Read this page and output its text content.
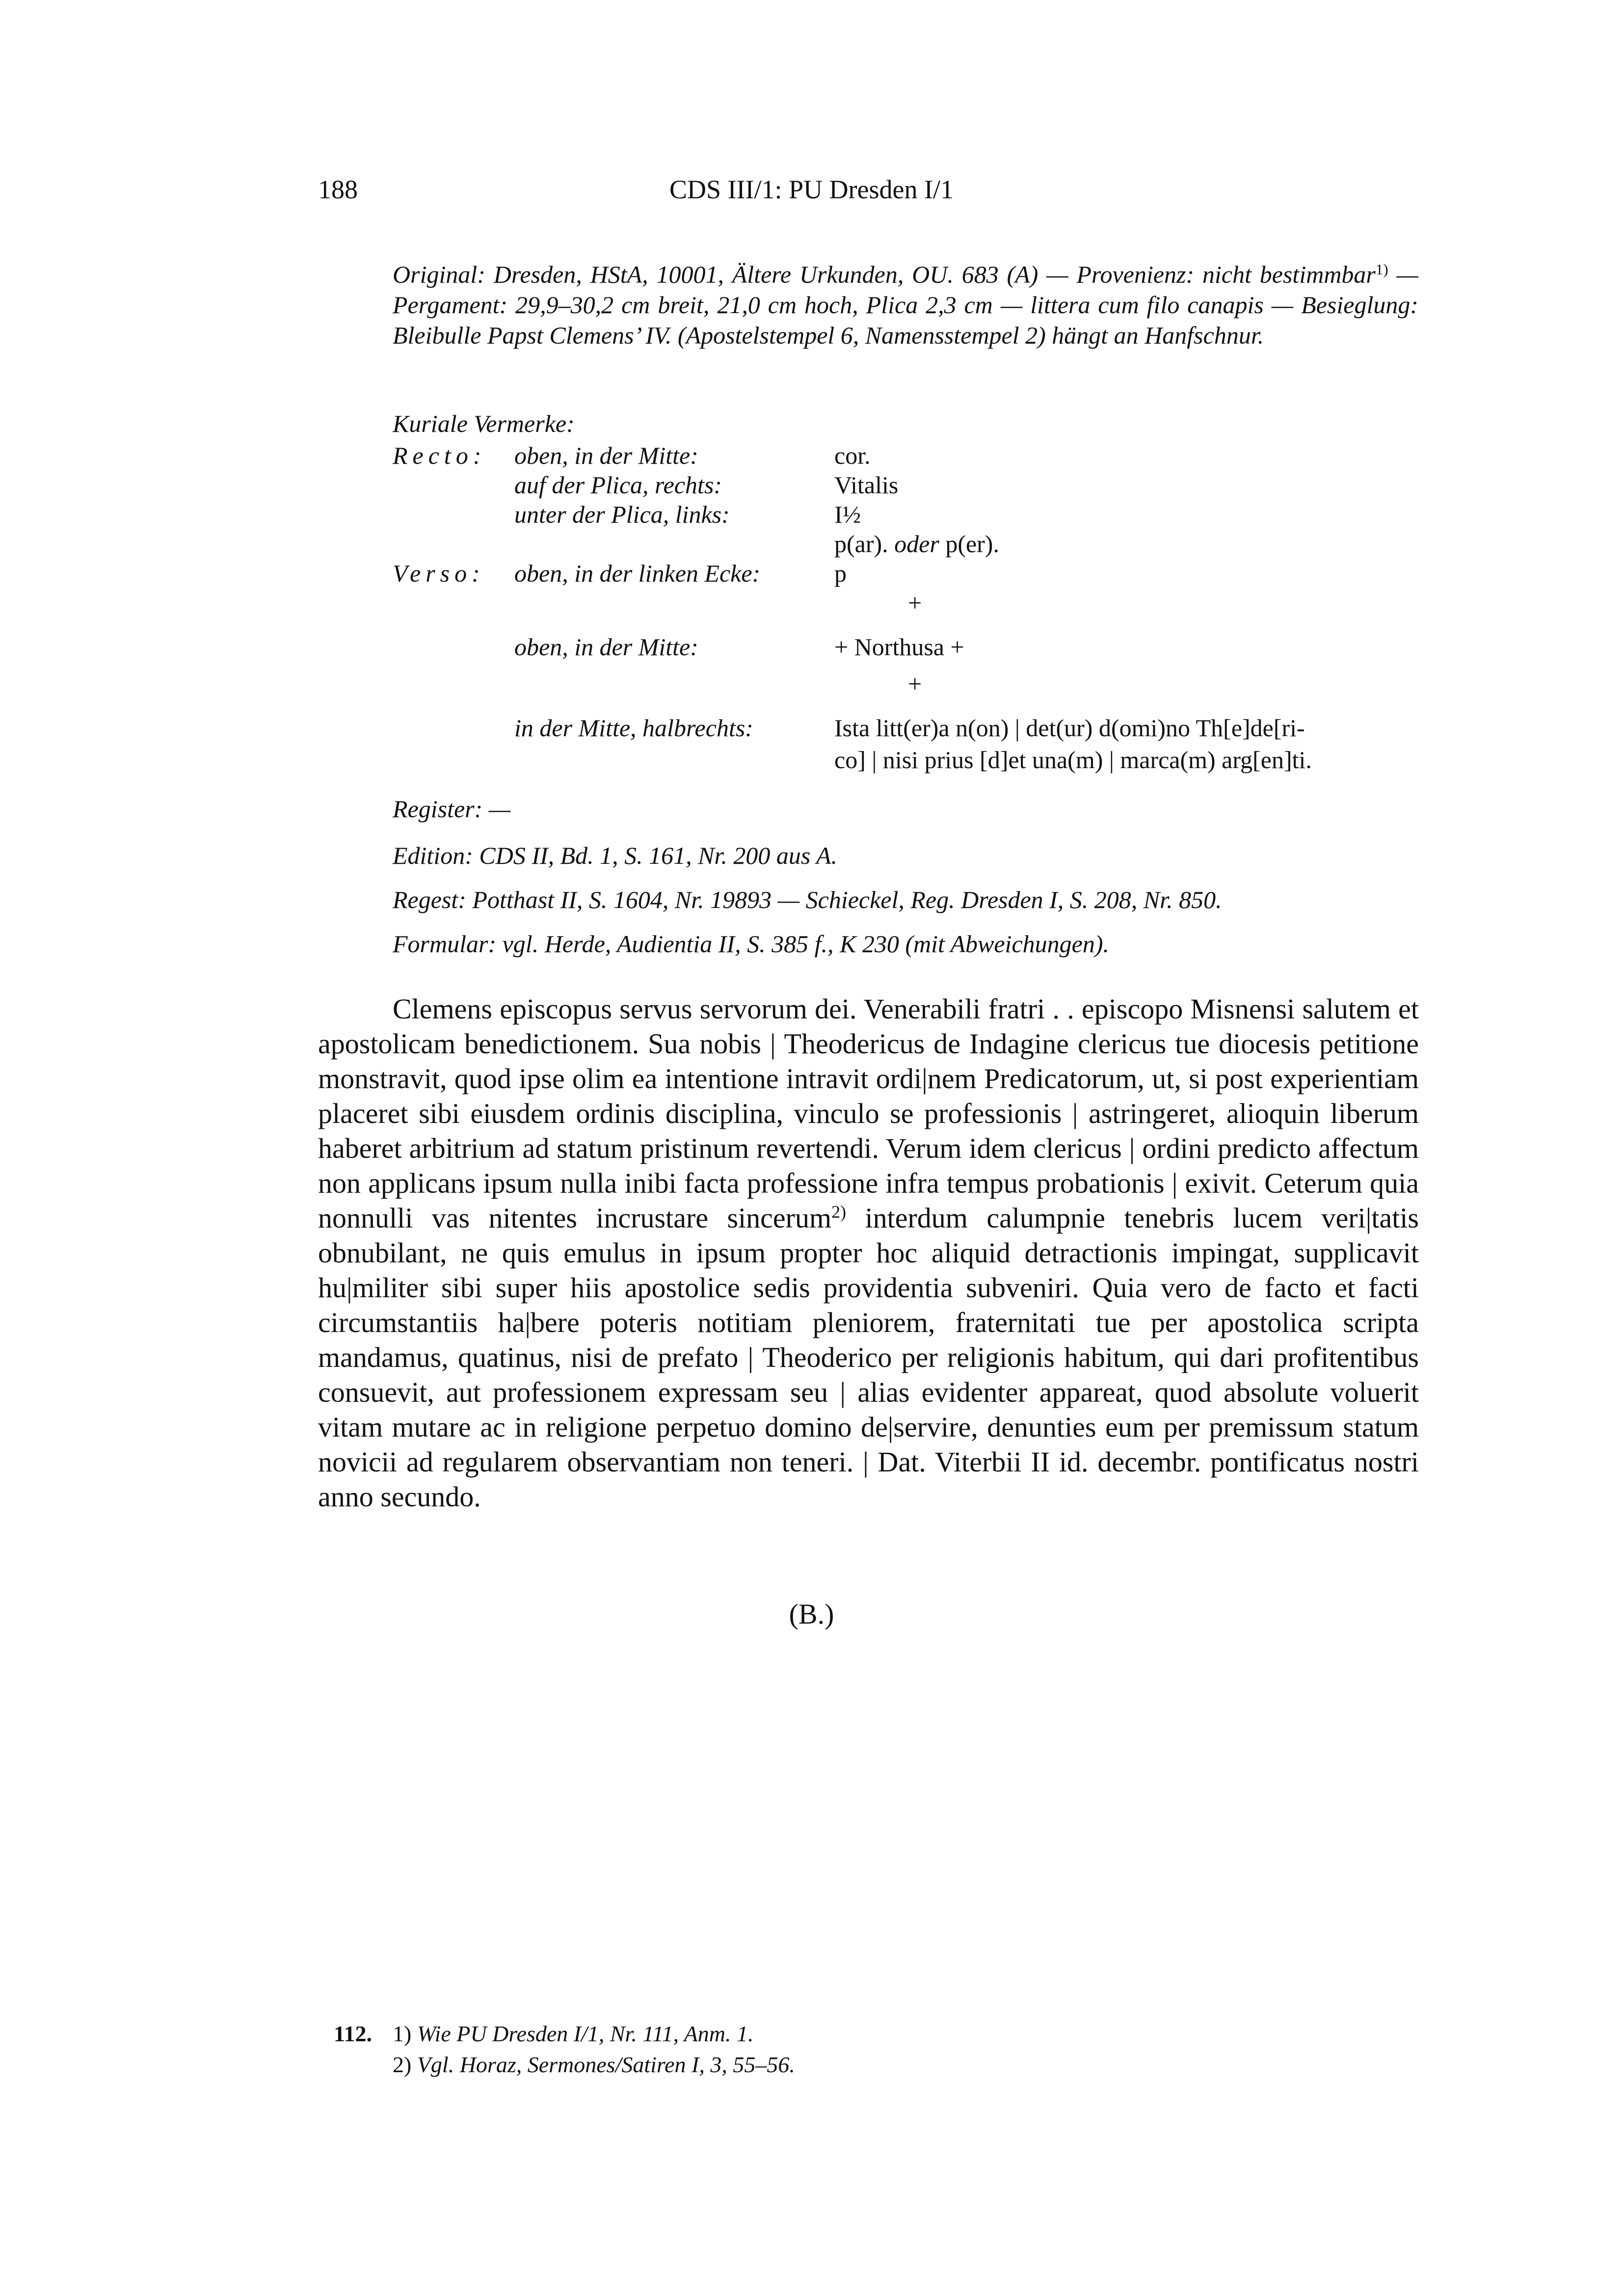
188	CDS III/1: PU Dresden I/1
Original: Dresden, HStA, 10001, Ältere Urkunden, OU. 683 (A) — Provenienz: nicht bestimmbar$^{1)}$ — Pergament: 29,9–30,2 cm breit, 21,0 cm hoch, Plica 2,3 cm — littera cum filo canapis — Besieglung: Bleibulle Papst Clemens’ IV. (Apostelstempel 6, Namensstempel 2) hängt an Hanfschnur.
Kuriale Vermerke:
Recto: oben, in der Mitte:	cor.
auf der Plica, rechts:	Vitalis
unter der Plica, links:	I½
p(ar). oder p(er).
Verso: oben, in der linken Ecke:	p
+
oben, in der Mitte:	+ Northusa +
+
in der Mitte, halbrechts:	Ista litt(er)a n(on) | det(ur) d(omi)no Th[e]de[ri-
co] | nisi prius [d]et una(m) | marca(m) arg[en]ti.
Register: —
Edition: CDS II, Bd. 1, S. 161, Nr. 200 aus A.
Regest: Potthast II, S. 1604, Nr. 19893 — Schieckel, Reg. Dresden I, S. 208, Nr. 850.
Formular: vgl. Herde, Audientia II, S. 385 f., K 230 (mit Abweichungen).

Clemens episcopus servus servorum dei. Venerabili fratri . . episcopo Misnensi salutem et apostolicam benedictionem. Sua nobis | Theodericus de Indagine clericus tue diocesis petitione monstravit, quod ipse olim ea intentione intravit ordi|nem Predicatorum, ut, si post experientiam placeret sibi eiusdem ordinis disciplina, vinculo se professionis | astringeret, alioquin liberum haberet arbitrium ad statum pristinum revertendi. Verum idem clericus | ordini predicto affectum non applicans ipsum nulla inibi facta professione infra tempus probationis | exivit. Ceterum quia nonnulli vas nitentes incrustare sincerum$^{2)}$ interdum calumpnie tenebris lucem veri|tatis obnubilant, ne quis emulus in ipsum propter hoc aliquid detractionis impingat, supplicavit hu|militer sibi super hiis apostolice sedis providentia subveniri. Quia vero de facto et facti circumstantiis ha|bere poteris notitiam pleniorem, fraternitati tue per apostolica scripta mandamus, quatinus, nisi de prefato | Theoderico per religionis habitum, qui dari profitentibus consuevit, aut professionem expressam seu | alias evidenter appareat, quod absolute voluerit vitam mutare ac in religione perpetuo domino de|servire, denunties eum per premissum statum novicii ad regularem observantiam non teneri. | Dat. Viterbii II id. decembr. pontificatus nostri anno secundo.

(B.)
112. 1) Wie PU Dresden I/1, Nr. 111, Anm. 1.
2) Vgl. Horaz, Sermones/Satiren I, 3, 55–56.
